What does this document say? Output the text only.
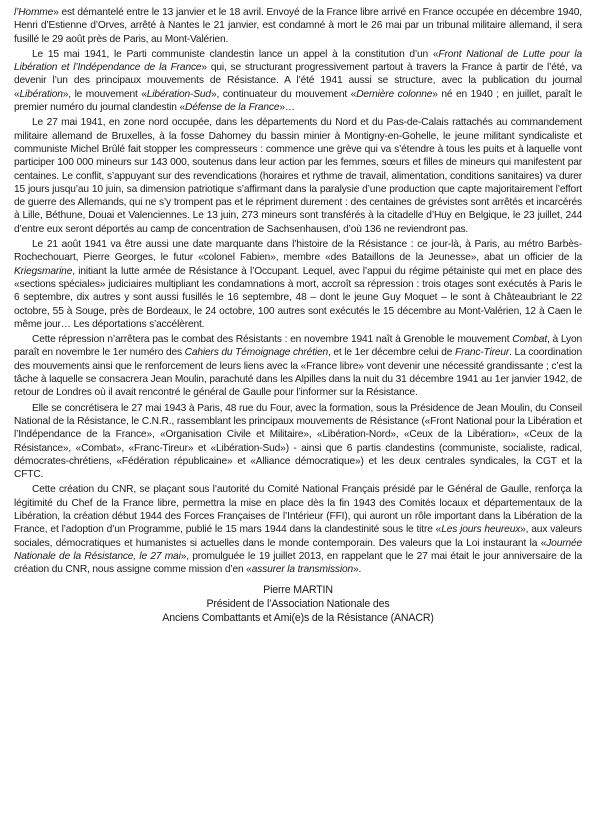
l’Homme» est démantelé entre le 13 janvier et le 18 avril. Envoyé de la France libre arrivé en France occupée en décembre 1940, Henri d’Estienne d’Orves, arrêté à Nantes le 21 janvier, est condamné à mort le 26 mai par un tribunal militaire allemand, il sera fusillé le 29 août près de Paris, au Mont-Valérien.

Le 15 mai 1941, le Parti communiste clandestin lance un appel à la constitution d’un «Front National de Lutte pour la Libération et l’Indépendance de la France» qui, se structurant progressivement partout à travers la France à partir de l’été, va devenir l’un des principaux mouvements de Résistance. A l’été 1941 aussi se structure, avec la publication du journal «Libération», le mouvement «Libération-Sud», continuateur du mouvement «Dernière colonne» né en 1940 ; en juillet, paraît le premier numéro du journal clandestin «Défense de la France»…

Le 27 mai 1941, en zone nord occupée, dans les départements du Nord et du Pas-de-Calais rattachés au commandement militaire allemand de Bruxelles, à la fosse Dahomey du bassin minier à Montigny-en-Gohelle, le jeune militant syndicaliste et communiste Michel Brûlé fait stopper les compresseurs : commence une grève qui va s’étendre à tous les puits et à laquelle vont participer 100 000 mineurs sur 143 000, soutenus dans leur action par les femmes, sœurs et filles de mineurs qui manifestent par centaines. Le conflit, s’appuyant sur des revendications (horaires et rythme de travail, alimentation, conditions sanitaires) va durer 15 jours jusqu’au 10 juin, sa dimension patriotique s’affirmant dans la paralysie d’une production que capte majoritairement l’effort de guerre des Allemands, qui ne s’y trompent pas et le répriment durement : des centaines de grévistes sont arrêtés et incarcérés à Lille, Béthune, Douai et Valenciennes. Le 13 juin, 273 mineurs sont transférés à la citadelle d’Huy en Belgique, le 23 juillet, 244 d’entre eux seront déportés au camp de concentration de Sachsenhausen, d’où 136 ne reviendront pas.

Le 21 août 1941 va être aussi une date marquante dans l’histoire de la Résistance : ce jour-là, à Paris, au métro Barbès-Rochechouart, Pierre Georges, le futur «colonel Fabien», membre «des Bataillons de la Jeunesse», abat un officier de la Kriegsmarine, initiant la lutte armée de Résistance à l’Occupant. Lequel, avec l’appui du régime pétainiste qui met en place des «sections spéciales» judiciaires multipliant les condamnations à mort, accroît sa répression : trois otages sont exécutés à Paris le 6 septembre, dix autres y sont aussi fusillés le 16 septembre, 48 – dont le jeune Guy Moquet – le sont à Châteaubriant le 22 octobre, 55 à Souge, près de Bordeaux, le 24 octobre, 100 autres sont exécutés le 15 décembre au Mont-Valérien, 12 à Caen le même jour… Les déportations s’accélèrent.

Cette répression n’arrêtera pas le combat des Résistants : en novembre 1941 naît à Grenoble le mouvement Combat, à Lyon paraît en novembre le 1er numéro des Cahiers du Témoignage chrétien, et le 1er décembre celui de Franc-Tireur. La coordination des mouvements ainsi que le renforcement de leurs liens avec la «France libre» vont devenir une nécessité grandissante ; c’est la tâche à laquelle se consacrera Jean Moulin, parachuté dans les Alpilles dans la nuit du 31 décembre 1941 au 1er janvier 1942, de retour de Londres où il avait rencontré le général de Gaulle pour l’informer sur la Résistance.

Elle se concrétisera le 27 mai 1943 à Paris, 48 rue du Four, avec la formation, sous la Présidence de Jean Moulin, du Conseil National de la Résistance, le C.N.R., rassemblant les principaux mouvements de Résistance («Front National pour la Libération et l’Indépendance de la France», «Organisation Civile et Militaire», «Libération-Nord», «Ceux de la Libération», «Ceux de la Résistance», «Combat», «Franc-Tireur» et «Libération-Sud») - ainsi que 6 partis clandestins (communiste, socialiste, radical, démocrates-chrétiens, «Fédération républicaine» et «Alliance démocratique») et les deux centrales syndicales, la CGT et la CFTC.

Cette création du CNR, se plaçant sous l’autorité du Comité National Français présidé par le Général de Gaulle, renforça la légitimité du Chef de la France libre, permettra la mise en place dès la fin 1943 des Comités locaux et départementaux de la Libération, la création début 1944 des Forces Françaises de l’Intérieur (FFI), qui auront un rôle important dans la Libération de la France, et l’adoption d’un Programme, publié le 15 mars 1944 dans la clandestinité sous le titre «Les jours heureux», aux valeurs sociales, démocratiques et humanistes si actuelles dans le monde contemporain. Des valeurs que la Loi instaurant la «Journée Nationale de la Résistance, le 27 mai», promulguée le 19 juillet 2013, en rappelant que le 27 mai était le jour anniversaire de la création du CNR, nous assigne comme mission d’en «assurer la transmission».

Pierre MARTIN
Président de l’Association Nationale des
Anciens Combattants et Ami(e)s de la Résistance (ANACR)
